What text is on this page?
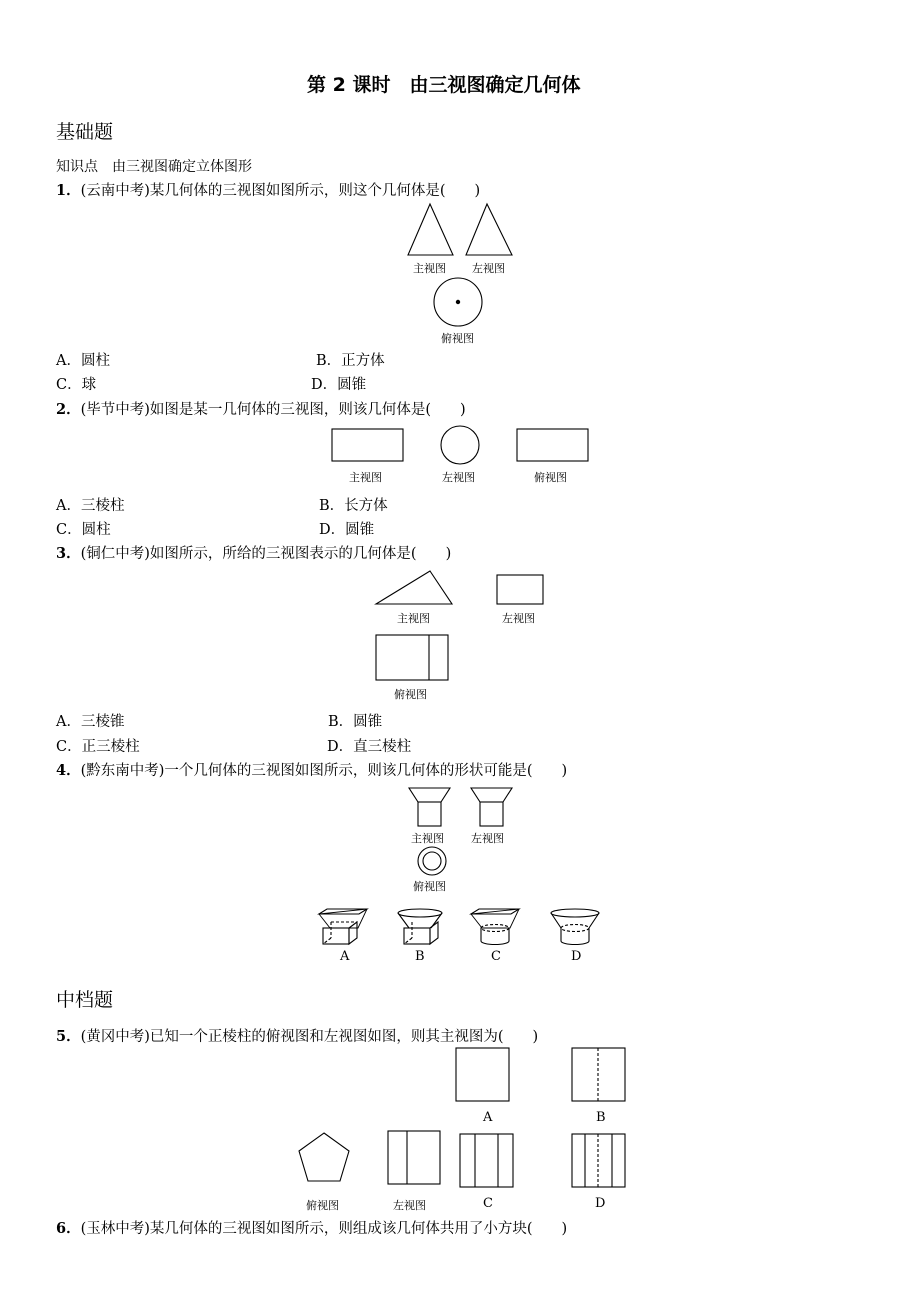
第 2 课时　由三视图确定几何体
基础题
知识点　由三视图确定立体图形
1．(云南中考)某几何体的三视图如图所示，则这个几何体是(　　)
主视图 左视图
俯视图
A．圆柱	B．正方体
C．球	D．圆锥
2．(毕节中考)如图是某一几何体的三视图，则该几何体是(　　)
主视图	左视图	俯视图
A．三棱柱	B．长方体
C．圆柱	D．圆锥
3．(铜仁中考)如图所示，所给的三视图表示的几何体是(　　)
主视图	左视图
俯视图
A．三棱锥	B．圆锥
C．正三棱柱	D．直三棱柱
4．(黔东南中考)一个几何体的三视图如图所示，则该几何体的形状可能是(　　)
主视图 左视图
俯视图
A	B	C	D
中档题
5．(黄冈中考)已知一个正棱柱的俯视图和左视图如图，则其主视图为(　　)
A	B
俯视图	左视图	C	D
6．(玉林中考)某几何体的三视图如图所示，则组成该几何体共用了小方块(　　)
